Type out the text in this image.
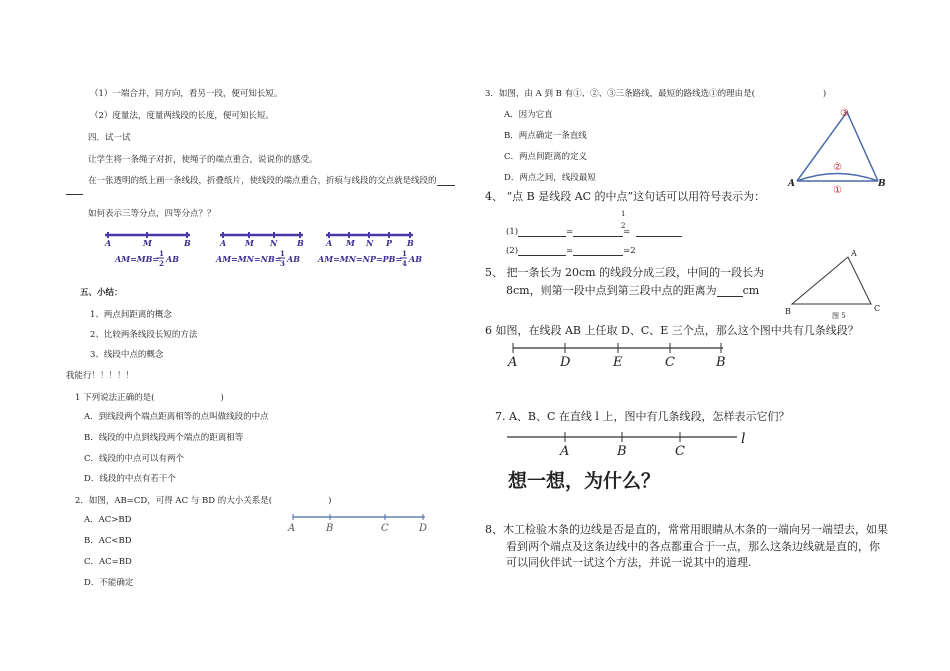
（1）一端合并，同方向，看另一段，便可知长短。
（2）度量法，度量两线段的长度，便可知长短。
四．试一试
让学生将一条绳子对折，使绳子的端点重合，说说你的感受。
在一张透明的纸上画一条线段，折叠纸片，使线段的端点重合，折痕与线段的交点就是线段的
如何表示三等分点，四等分点？？
A	M	B
AM=MB=
1
2 AB
A M N B
AM=MN=NB=
1
3 AB
A M N P B
AM=MN=NP=PB=
1
4 AB
五、小结：
1、两点间距离的概念
2、比较两条线段长短的方法
3、线段中点的概念
我能行！！！！！
1 下列说法正确的是(	)
A．到线段两个端点距离相等的点叫做线段的中点
B．线段的中点到线段两个端点的距离相等
C．线段的中点可以有两个
D．线段的中点有若干个
2．如图，AB=CD，可得 AC 与 BD 的大小关系是(	)
A．AC>BD
B．AC<BD
C．AC=BD
D．不能确定
A	B	C	D
3．如图，由 A 到 B 有①、②、③三条路线，最短的路线选①的理由是(	)
A．因为它直
B．两点确定一条直线
C．两点间距离的定义
D．两点之间，线段最短
A	B
①
②
③
4、 “点 B 是线段 AC 的中点”这句话可以用符号表示为：
1
2
(1)	=	=
(2)	=	=2
5、 把一条长为 20cm 的线段分成三段，中间的一段长为
8cm，则第一段中点到第三段中点的距离为 cm
A
B	C
图 5
6 如图，在线段 AB 上任取 D、C、E 三个点，那么这个图中共有几条线段？
A	D	E	C	B
7. A、B、C 在直线 l 上，图中有几条线段，怎样表示它们？
A	B	C
l
想一想，为什么？
8、木工检验木条的边线是否是直的，常常用眼睛从木条的一端向另一端望去，如果
看到两个端点及这条边线中的各点都重合于一点，那么这条边线就是直的，你
可以同伙伴试一试这个方法，并说一说其中的道理.
